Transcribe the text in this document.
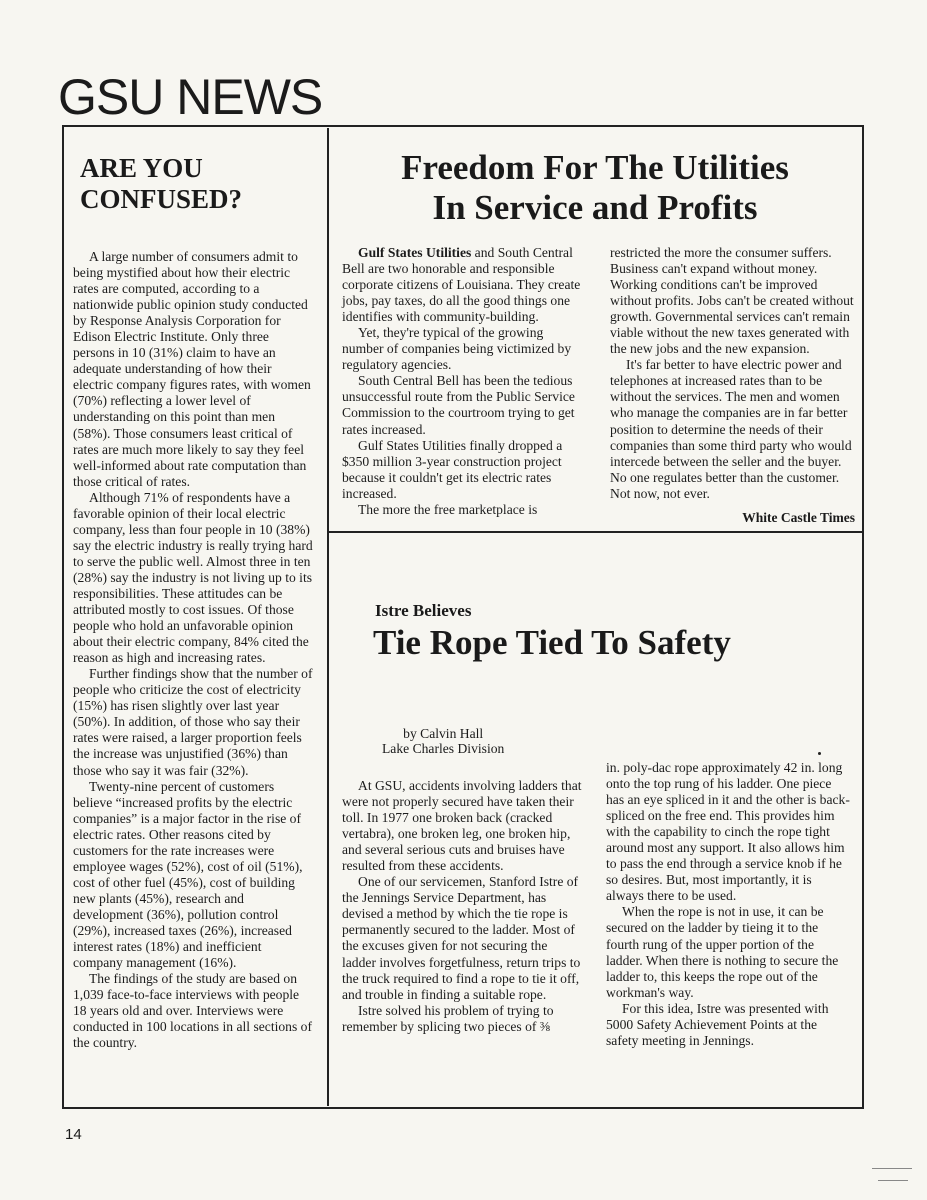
GSU NEWS
ARE YOU
CONFUSED?

A large number of consumers admit to being mystified about how their electric rates are computed, according to a nationwide public opinion study conducted by Response Analysis Corporation for Edison Electric Institute. Only three persons in 10 (31%) claim to have an adequate understanding of how their electric company figures rates, with women (70%) reflecting a lower level of understanding on this point than men (58%). Those consumers least critical of rates are much more likely to say they feel well-informed about rate computation than those critical of rates.

Although 71% of respondents have a favorable opinion of their local electric company, less than four people in 10 (38%) say the electric industry is really trying hard to serve the public well. Almost three in ten (28%) say the industry is not living up to its responsibilities. These attitudes can be attributed mostly to cost issues. Of those people who hold an unfavorable opinion about their electric company, 84% cited the reason as high and increasing rates.

Further findings show that the number of people who criticize the cost of electricity (15%) has risen slightly over last year (50%). In addition, of those who say their rates were raised, a larger proportion feels the increase was unjustified (36%) than those who say it was fair (32%).

Twenty-nine percent of customers believe “increased profits by the electric companies” is a major factor in the rise of electric rates. Other reasons cited by customers for the rate increases were employee wages (52%), cost of oil (51%), cost of other fuel (45%), cost of building new plants (45%), research and development (36%), pollution control (29%), increased taxes (26%), increased interest rates (18%) and inefficient company management (16%).

The findings of the study are based on 1,039 face-to-face interviews with people 18 years old and over. Interviews were conducted in 100 locations in all sections of the country.

Freedom For The Utilities
In Service and Profits

Gulf States Utilities and South Central Bell are two honorable and responsible corporate citizens of Louisiana. They create jobs, pay taxes, do all the good things one identifies with community-building.

Yet, they're typical of the growing number of companies being victimized by regulatory agencies.

South Central Bell has been the tedious unsuccessful route from the Public Service Commission to the courtroom trying to get rates increased.

Gulf States Utilities finally dropped a $350 million 3-year construction project because it couldn't get its electric rates increased.

The more the free marketplace is

restricted the more the consumer suffers. Business can't expand without money. Working conditions can't be improved without profits. Jobs can't be created without growth. Governmental services can't remain viable without the new taxes generated with the new jobs and the new expansion.

It's far better to have electric power and telephones at increased rates than to be without the services. The men and women who manage the companies are in far better position to determine the needs of their companies than some third party who would intercede between the seller and the buyer. No one regulates better than the customer. Not now, not ever.

White Castle Times
Istre Believes
Tie Rope Tied To Safety
by Calvin Hall
Lake Charles Division

At GSU, accidents involving ladders that were not properly secured have taken their toll. In 1977 one broken back (cracked vertabra), one broken leg, one broken hip, and several serious cuts and bruises have resulted from these accidents.

One of our servicemen, Stanford Istre of the Jennings Service Department, has devised a method by which the tie rope is permanently secured to the ladder. Most of the excuses given for not securing the ladder involves forgetfulness, return trips to the truck required to find a rope to tie it off, and trouble in finding a suitable rope.

Istre solved his problem of trying to remember by splicing two pieces of ⅜

in. poly-dac rope approximately 42 in. long onto the top rung of his ladder. One piece has an eye spliced in it and the other is back-spliced on the free end. This provides him with the capability to cinch the rope tight around most any support. It also allows him to pass the end through a service knob if he so desires. But, most importantly, it is always there to be used.

When the rope is not in use, it can be secured on the ladder by tieing it to the fourth rung of the upper portion of the ladder. When there is nothing to secure the ladder to, this keeps the rope out of the workman's way.

For this idea, Istre was presented with 5000 Safety Achievement Points at the safety meeting in Jennings.

14
